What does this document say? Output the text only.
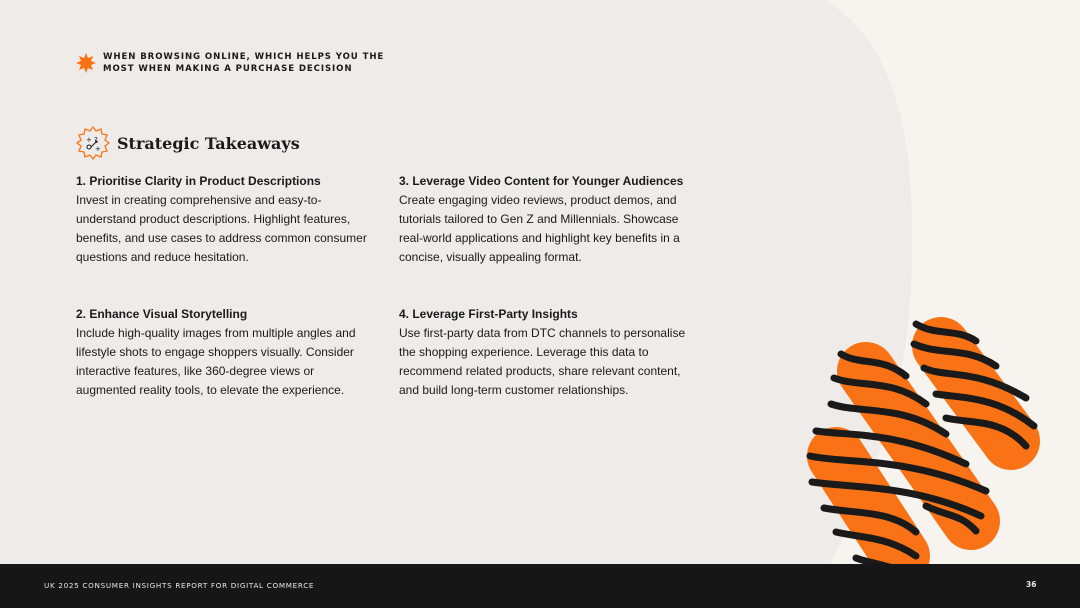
WHEN BROWSING ONLINE, WHICH HELPS YOU THE MOST WHEN MAKING A PURCHASE DECISION
+ ?
+ Strategic Takeaways

1. Prioritise Clarity in Product Descriptions

Invest in creating comprehensive and easy-to-understand product descriptions. Highlight features, benefits, and use cases to address common consumer questions and reduce hesitation.

2. Enhance Visual Storytelling

Include high-quality images from multiple angles and lifestyle shots to engage shoppers visually. Consider interactive features, like 360-degree views or augmented reality tools, to elevate the experience.

3. Leverage Video Content for Younger Audiences

Create engaging video reviews, product demos, and tutorials tailored to Gen Z and Millennials. Showcase real-world applications and highlight key benefits in a concise, visually appealing format.

4. Leverage First-Party Insights

Use first-party data from DTC channels to personalise the shopping experience. Leverage this data to recommend related products, share relevant content, and build long-term customer relationships.

UK 2025 CONSUMER INSIGHTS REPORT FOR DIGITAL COMMERCE	36
